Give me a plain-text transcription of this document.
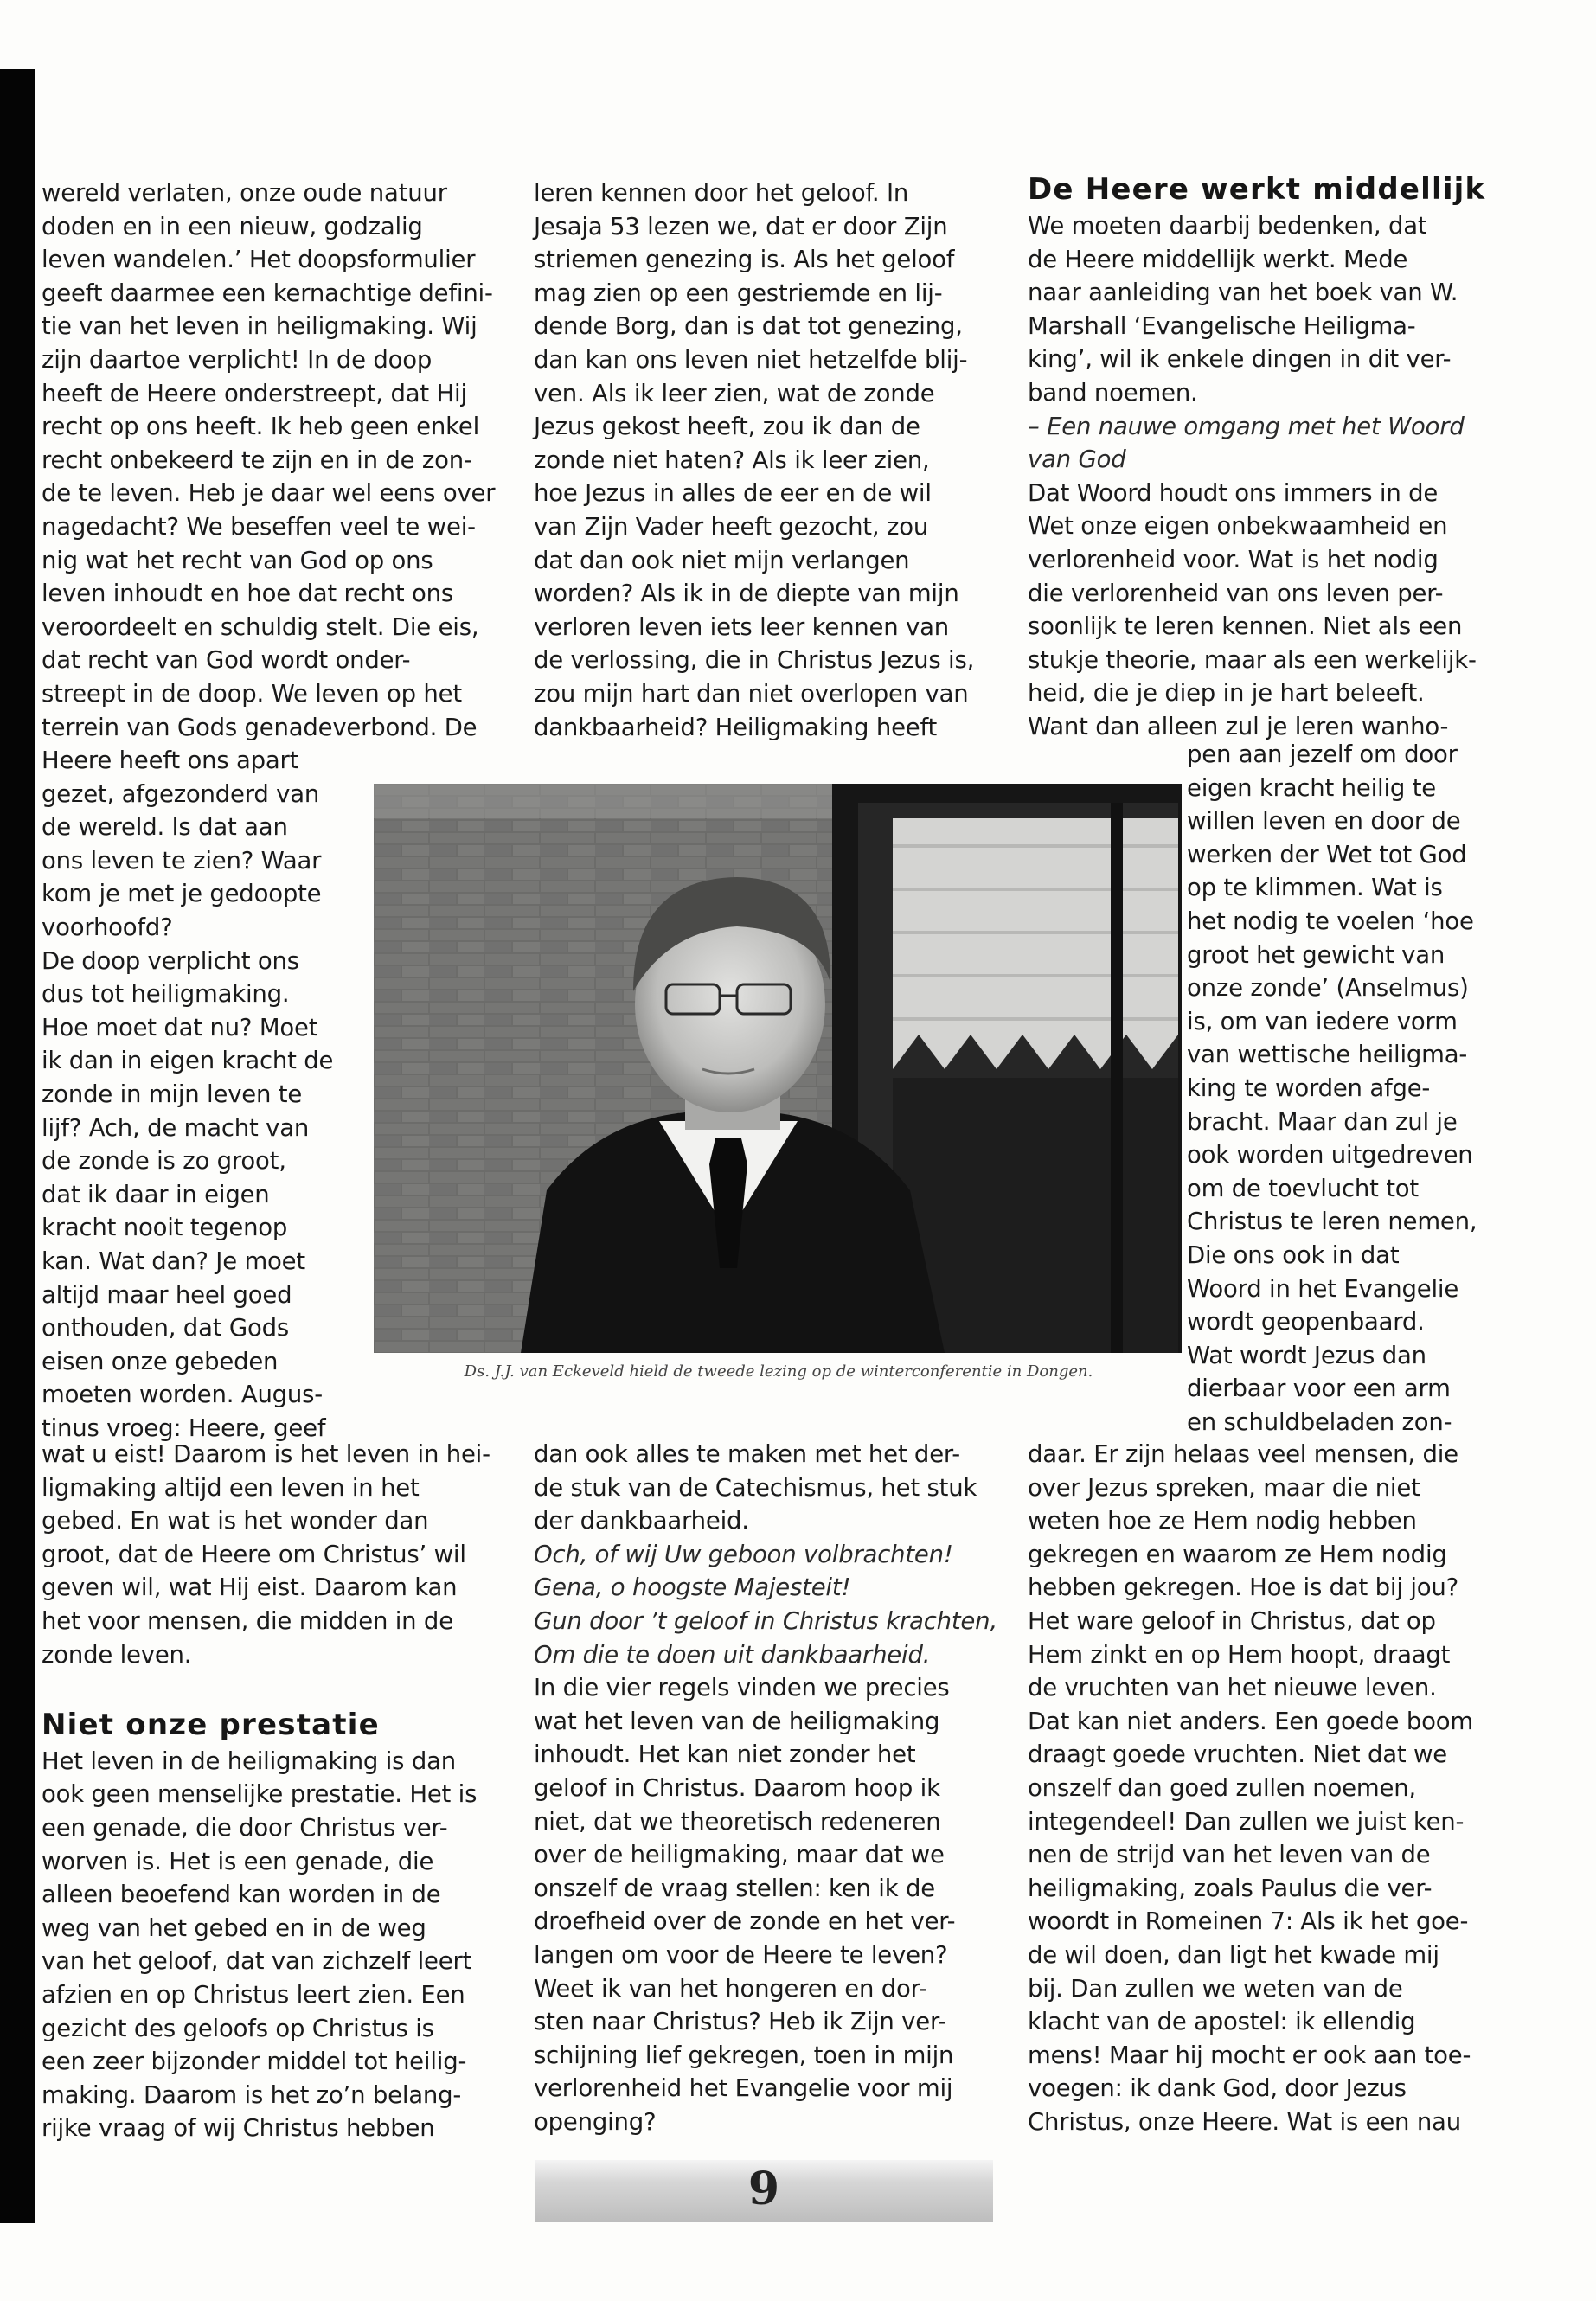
wereld verlaten, onze oude natuur
doden en in een nieuw, godzalig
leven wandelen.’ Het doopsformulier
geeft daarmee een kernachtige defini-
tie van het leven in heiligmaking. Wij
zijn daartoe verplicht! In de doop
heeft de Heere onderstreept, dat Hij
recht op ons heeft. Ik heb geen enkel
recht onbekeerd te zijn en in de zon-
de te leven. Heb je daar wel eens over
nagedacht? We beseffen veel te wei-
nig wat het recht van God op ons
leven inhoudt en hoe dat recht ons
veroordeelt en schuldig stelt. Die eis,
dat recht van God wordt onder-
streept in de doop. We leven op het
terrein van Gods genadeverbond. De
Heere heeft ons apart
gezet, afgezonderd van
de wereld. Is dat aan
ons leven te zien? Waar
kom je met je gedoopte
voorhoofd?
De doop verplicht ons
dus tot heiligmaking.
Hoe moet dat nu? Moet
ik dan in eigen kracht de
zonde in mijn leven te
lijf? Ach, de macht van
de zonde is zo groot,
dat ik daar in eigen
kracht nooit tegenop
kan. Wat dan? Je moet
altijd maar heel goed
onthouden, dat Gods
eisen onze gebeden
moeten worden. Augus-
tinus vroeg: Heere, geef
wat u eist! Daarom is het leven in hei-
ligmaking altijd een leven in het
gebed. En wat is het wonder dan
groot, dat de Heere om Christus’ wil
geven wil, wat Hij eist. Daarom kan
het voor mensen, die midden in de
zonde leven.
Niet onze prestatie
Het leven in de heiligmaking is dan
ook geen menselijke prestatie. Het is
een genade, die door Christus ver-
worven is. Het is een genade, die
alleen beoefend kan worden in de
weg van het gebed en in de weg
van het geloof, dat van zichzelf leert
afzien en op Christus leert zien. Een
gezicht des geloofs op Christus is
een zeer bijzonder middel tot heilig-
making. Daarom is het zo’n belang-
rijke vraag of wij Christus hebben
leren kennen door het geloof. In
Jesaja 53 lezen we, dat er door Zijn
striemen genezing is. Als het geloof
mag zien op een gestriemde en lij-
dende Borg, dan is dat tot genezing,
dan kan ons leven niet hetzelfde blij-
ven. Als ik leer zien, wat de zonde
Jezus gekost heeft, zou ik dan de
zonde niet haten? Als ik leer zien,
hoe Jezus in alles de eer en de wil
van Zijn Vader heeft gezocht, zou
dat dan ook niet mijn verlangen
worden? Als ik in de diepte van mijn
verloren leven iets leer kennen van
de verlossing, die in Christus Jezus is,
zou mijn hart dan niet overlopen van
dankbaarheid? Heiligmaking heeft
dan ook alles te maken met het der-
de stuk van de Catechismus, het stuk
der dankbaarheid.
Och, of wij Uw geboon volbrachten!
Gena, o hoogste Majesteit!
Gun door ’t geloof in Christus krachten,
Om die te doen uit dankbaarheid.
In die vier regels vinden we precies
wat het leven van de heiligmaking
inhoudt. Het kan niet zonder het
geloof in Christus. Daarom hoop ik
niet, dat we theoretisch redeneren
over de heiligmaking, maar dat we
onszelf de vraag stellen: ken ik de
droefheid over de zonde en het ver-
langen om voor de Heere te leven?
Weet ik van het hongeren en dor-
sten naar Christus? Heb ik Zijn ver-
schijning lief gekregen, toen in mijn
verlorenheid het Evangelie voor mij
openging?
De Heere werkt middellijk
We moeten daarbij bedenken, dat
de Heere middellijk werkt. Mede
naar aanleiding van het boek van W.
Marshall ‘Evangelische Heiligma-
king’, wil ik enkele dingen in dit ver-
band noemen.
– Een nauwe omgang met het Woord
van God
Dat Woord houdt ons immers in de
Wet onze eigen onbekwaamheid en
verlorenheid voor. Wat is het nodig
die verlorenheid van ons leven per-
soonlijk te leren kennen. Niet als een
stukje theorie, maar als een werkelijk-
heid, die je diep in je hart beleeft.
Want dan alleen zul je leren wanho-
pen aan jezelf om door
eigen kracht heilig te
willen leven en door de
werken der Wet tot God
op te klimmen. Wat is
het nodig te voelen ‘hoe
groot het gewicht van
onze zonde’ (Anselmus)
is, om van iedere vorm
van wettische heiligma-
king te worden afge-
bracht. Maar dan zul je
ook worden uitgedreven
om de toevlucht tot
Christus te leren nemen,
Die ons ook in dat
Woord in het Evangelie
wordt geopenbaard.
Wat wordt Jezus dan
dierbaar voor een arm
en schuldbeladen zon-
daar. Er zijn helaas veel mensen, die
over Jezus spreken, maar die niet
weten hoe ze Hem nodig hebben
gekregen en waarom ze Hem nodig
hebben gekregen. Hoe is dat bij jou?
Het ware geloof in Christus, dat op
Hem zinkt en op Hem hoopt, draagt
de vruchten van het nieuwe leven.
Dat kan niet anders. Een goede boom
draagt goede vruchten. Niet dat we
onszelf dan goed zullen noemen,
integendeel! Dan zullen we juist ken-
nen de strijd van het leven van de
heiligmaking, zoals Paulus die ver-
woordt in Romeinen 7: Als ik het goe-
de wil doen, dan ligt het kwade mij
bij. Dan zullen we weten van de
klacht van de apostel: ik ellendig
mens! Maar hij mocht er ook aan toe-
voegen: ik dank God, door Jezus
Christus, onze Heere. Wat is een nau
Ds. J.J. van Eckeveld hield de tweede lezing op de winterconferentie in Dongen.
9
